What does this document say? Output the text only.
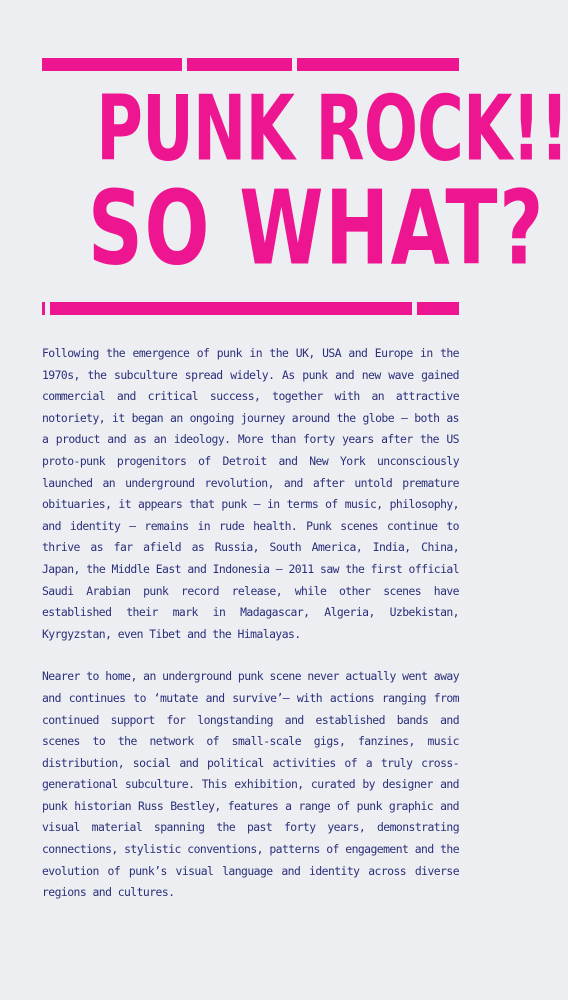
PUNK ROCK!!
SO WHAT?

Following the emergence of punk in the UK, USA and Europe in the 1970s, the subculture spread widely. As punk and new wave gained commercial and critical success, together with an attractive notoriety, it began an ongoing journey around the globe – both as a product and as an ideology. More than forty years after the US proto-punk progenitors of Detroit and New York unconsciously launched an underground revolution, and after untold premature obituaries, it appears that punk – in terms of music, philosophy, and identity – remains in rude health. Punk scenes continue to thrive as far afield as Russia, South America, India, China, Japan, the Middle East and Indonesia – 2011 saw the first official Saudi Arabian punk record release, while other scenes have established their mark in Madagascar, Algeria, Uzbekistan, Kyrgyzstan, even Tibet and the Himalayas.

Nearer to home, an underground punk scene never actually went away and continues to ‘mutate and survive’– with actions ranging from continued support for longstanding and established bands and scenes to the network of small-scale gigs, fanzines, music distribution, social and political activities of a truly cross-generational subculture. This exhibition, curated by designer and punk historian Russ Bestley, features a range of punk graphic and visual material spanning the past forty years, demonstrating connections, stylistic conventions, patterns of engagement and the evolution of punk’s visual language and identity across diverse regions and cultures.
